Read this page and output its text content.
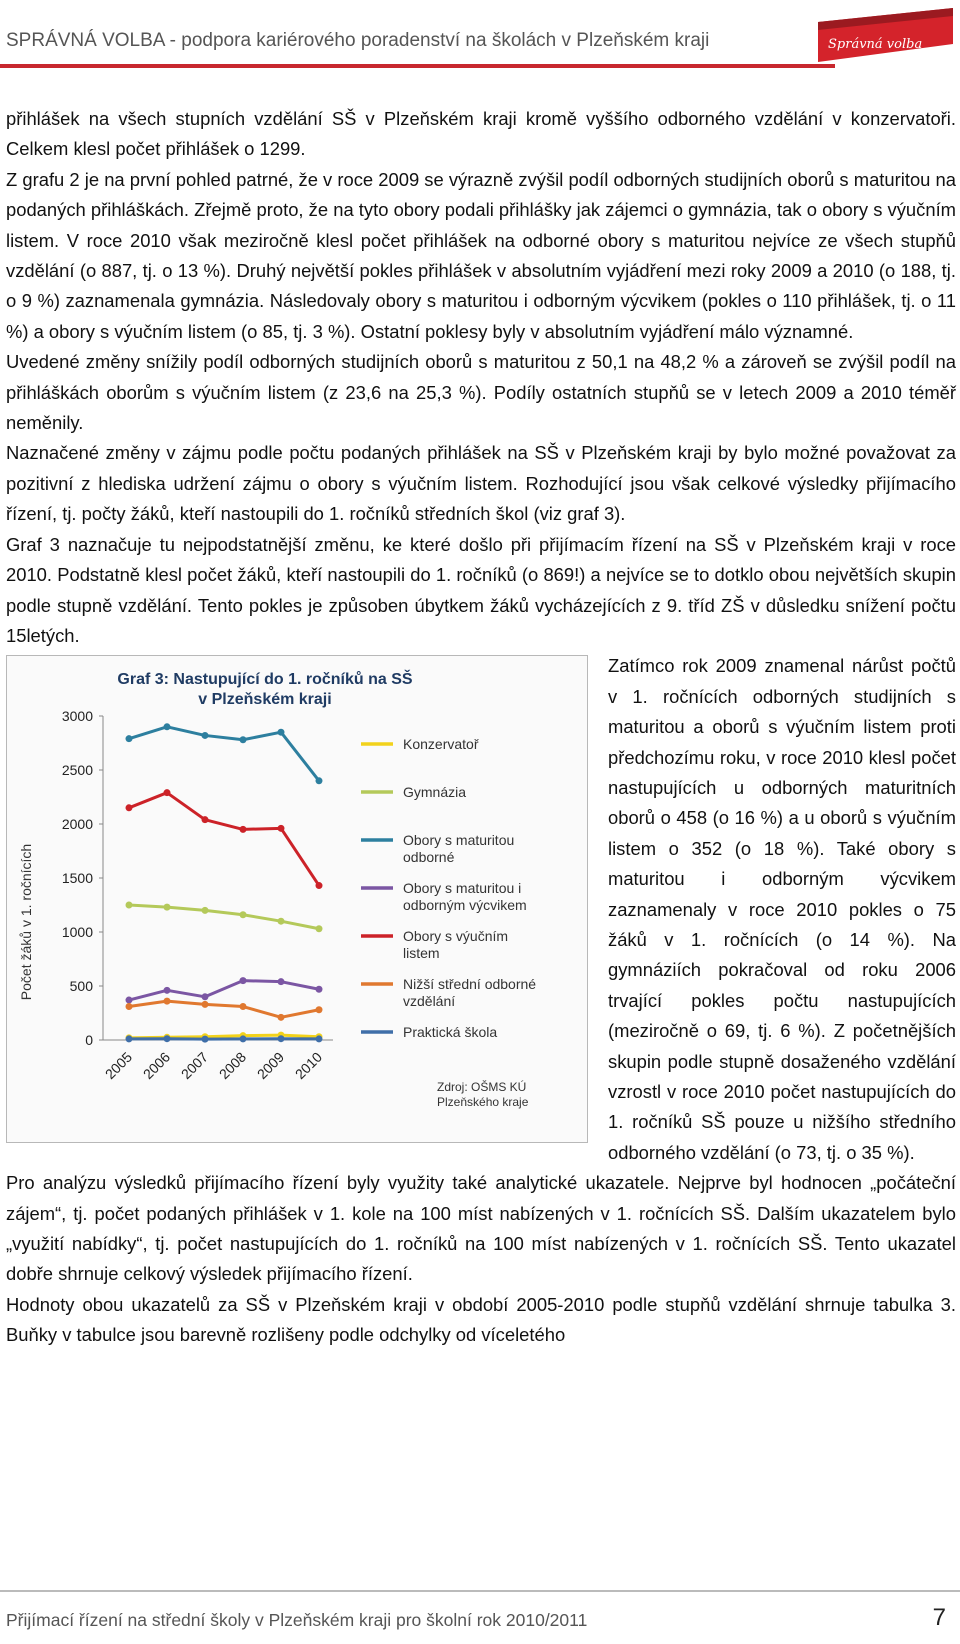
SPRÁVNÁ VOLBA - podpora kariérového poradenství na školách v Plzeňském kraji	Správná volba

přihlášek na všech stupních vzdělání SŠ v Plzeňském kraji kromě vyššího odborného vzdělání v konzervatoři. Celkem klesl počet přihlášek o 1299.

Z grafu 2 je na první pohled patrné, že v roce 2009 se výrazně zvýšil podíl odborných studijních oborů s maturitou na podaných přihláškách. Zřejmě proto, že na tyto obory podali přihlášky jak zájemci o gymnázia, tak o obory s výučním listem. V roce 2010 však meziročně klesl počet přihlášek na odborné obory s maturitou nejvíce ze všech stupňů vzdělání (o 887, tj. o 13 %). Druhý největší pokles přihlášek v absolutním vyjádření mezi roky 2009 a 2010 (o 188, tj. o 9 %) zaznamenala gymnázia. Následovaly obory s maturitou i odborným výcvikem (pokles o 110 přihlášek, tj. o 11 %) a obory s výučním listem (o 85, tj. 3 %). Ostatní poklesy byly v absolutním vyjádření málo významné.

Uvedené změny snížily podíl odborných studijních oborů s maturitou z 50,1 na 48,2 % a zároveň se zvýšil podíl na přihláškách oborům s výučním listem (z 23,6 na 25,3 %). Podíly ostatních stupňů se v letech 2009 a 2010 téměř neměnily.

Naznačené změny v zájmu podle počtu podaných přihlášek na SŠ v Plzeňském kraji by bylo možné považovat za pozitivní z hlediska udržení zájmu o obory s výučním listem. Rozhodující jsou však celkové výsledky přijímacího řízení, tj. počty žáků, kteří nastoupili do 1. ročníků středních škol (viz graf 3).

Graf 3 naznačuje tu nejpodstatnější změnu, ke které došlo při přijímacím řízení na SŠ v Plzeňském kraji v roce 2010. Podstatně klesl počet žáků, kteří nastoupili do 1. ročníků (o 869!) a nejvíce se to dotklo obou největších skupin podle stupně vzdělání. Tento pokles je způsoben úbytkem žáků vycházejících z 9. tříd ZŠ v důsledku snížení počtu 15letých.

Graf 3: Nastupující do 1. ročníků na SŠ
v Plzeňském kraji
Počet žáků v 1. ročnících
0
500
1000
1500
2000
2500
3000
2005 2006 2007 2008 2009 2010
Konzervatoř
Gymnázia
Obory s maturitou
odborné
Obory s maturitou i
odborným výcvikem
Obory s výučním
listem
Nižší střední odborné
vzdělání
Praktická škola
Zdroj: OŠMS KÚ
Plzeňského kraje

Zatímco rok 2009 znamenal nárůst počtů v 1. ročnících odborných studijních s maturitou a oborů s výučním listem proti předchozímu roku, v roce 2010 klesl počet nastupujících u odborných maturitních oborů o 458 (o 16 %) a u oborů s výučním listem o 352 (o 18 %). Také obory s maturitou i odborným výcvikem zaznamenaly v roce 2010 pokles o 75 žáků v 1. ročnících (o 14 %). Na gymnáziích pokračoval od roku 2006 trvající pokles počtu nastupujících (meziročně o 69, tj. 6 %). Z početnějších skupin podle stupně dosaženého vzdělání vzrostl v roce 2010 počet nastupujících do 1. ročníků SŠ pouze u nižšího středního odborného vzdělání (o 73, tj. o 35 %).

Pro analýzu výsledků přijímacího řízení byly využity také analytické ukazatele. Nejprve byl hodnocen „počáteční zájem“, tj. počet podaných přihlášek v 1. kole na 100 míst nabízených v 1. ročnících SŠ. Dalším ukazatelem bylo „využití nabídky“, tj. počet nastupujících do 1. ročníků na 100 míst nabízených v 1. ročnících SŠ. Tento ukazatel dobře shrnuje celkový výsledek přijímacího řízení.

Hodnoty obou ukazatelů za SŠ v Plzeňském kraji v období 2005-2010 podle stupňů vzdělání shrnuje tabulka 3. Buňky v tabulce jsou barevně rozlišeny podle odchylky od víceletého

Přijímací řízení na střední školy v Plzeňském kraji pro školní rok 2010/2011	7
